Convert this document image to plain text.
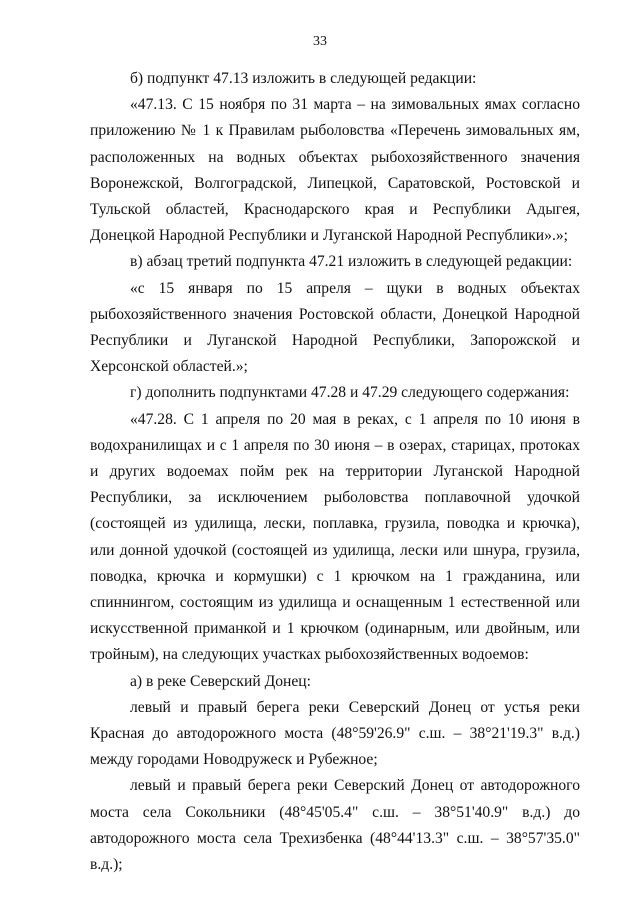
33

б) подпункт 47.13 изложить в следующей редакции:

«47.13. С 15 ноября по 31 марта – на зимовальных ямах согласно приложению № 1 к Правилам рыболовства «Перечень зимовальных ям, расположенных на водных объектах рыбохозяйственного значения Воронежской, Волгоградской, Липецкой, Саратовской, Ростовской и Тульской областей, Краснодарского края и Республики Адыгея, Донецкой Народной Республики и Луганской Народной Республики».»;

в) абзац третий подпункта 47.21 изложить в следующей редакции:

«с 15 января по 15 апреля – щуки в водных объектах рыбохозяйственного значения Ростовской области, Донецкой Народной Республики и Луганской Народной Республики, Запорожской и Херсонской областей.»;

г) дополнить подпунктами 47.28 и 47.29 следующего содержания:

«47.28. С 1 апреля по 20 мая в реках, с 1 апреля по 10 июня в водохранилищах и с 1 апреля по 30 июня – в озерах, старицах, протоках и других водоемах пойм рек на территории Луганской Народной Республики, за исключением рыболовства поплавочной удочкой (состоящей из удилища, лески, поплавка, грузила, поводка и крючка), или донной удочкой (состоящей из удилища, лески или шнура, грузила, поводка, крючка и кормушки) с 1 крючком на 1 гражданина, или спиннингом, состоящим из удилища и оснащенным 1 естественной или искусственной приманкой и 1 крючком (одинарным, или двойным, или тройным), на следующих участках рыбохозяйственных водоемов:

а) в реке Северский Донец:

левый и правый берега реки Северский Донец от устья реки Красная до автодорожного моста (48°59'26.9" с.ш. – 38°21'19.3" в.д.) между городами Новодружеск и Рубежное;

левый и правый берега реки Северский Донец от автодорожного моста села Сокольники (48°45'05.4" с.ш. – 38°51'40.9" в.д.) до автодорожного моста села Трехизбенка (48°44'13.3" с.ш. – 38°57'35.0" в.д.);
